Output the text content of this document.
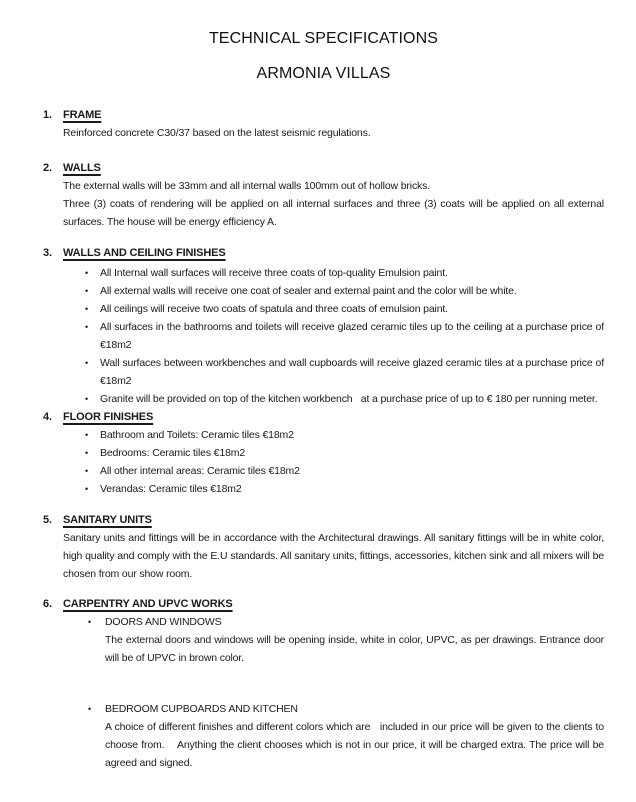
TECHNICAL SPECIFICATIONS
ARMONIA VILLAS
1.	FRAME

Reinforced concrete C30/37 based on the latest seismic regulations.

2.	WALLS

The external walls will be 33mm and all internal walls 100mm out of hollow bricks.

Three (3) coats of rendering will be applied on all internal surfaces and three (3) coats will be applied on all external surfaces. The house will be energy efficiency A.

3.	WALLS AND CEILING FINISHES
•	All Internal wall surfaces will receive three coats of top-quality Emulsion paint.
•	All external walls will receive one coat of sealer and external paint and the color will be white.
•	All ceilings will receive two coats of spatula and three coats of emulsion paint.
•	All surfaces in the bathrooms and toilets will receive glazed ceramic tiles up to the ceiling at a purchase price of €18m2
•	Wall surfaces between workbenches and wall cupboards will receive glazed ceramic tiles at a purchase price of €18m2
•	Granite will be provided on top of the kitchen workbench   at a purchase price of up to € 180 per running meter.
4.	FLOOR FINISHES
•	Bathroom and Toilets: Ceramic tiles €18m2
•	Bedrooms: Ceramic tiles €18m2
•	All other internal areas: Ceramic tiles €18m2
•	Verandas: Ceramic tiles €18m2
5.	SANITARY UNITS

Sanitary units and fittings will be in accordance with the Architectural drawings. All sanitary fittings will be in white color, high quality and comply with the E.U standards. All sanitary units, fittings, accessories, kitchen sink and all mixers will be chosen from our show room.

6.	CARPENTRY AND UPVC WORKS
•	DOORS AND WINDOWS

The external doors and windows will be opening inside, white in color, UPVC, as per drawings. Entrance door will be of UPVC in brown color.

•	BEDROOM CUPBOARDS AND KITCHEN

A choice of different finishes and different colors which are   included in our price will be given to the clients to choose from.    Anything the client chooses which is not in our price, it will be charged extra. The price will be agreed and signed.
